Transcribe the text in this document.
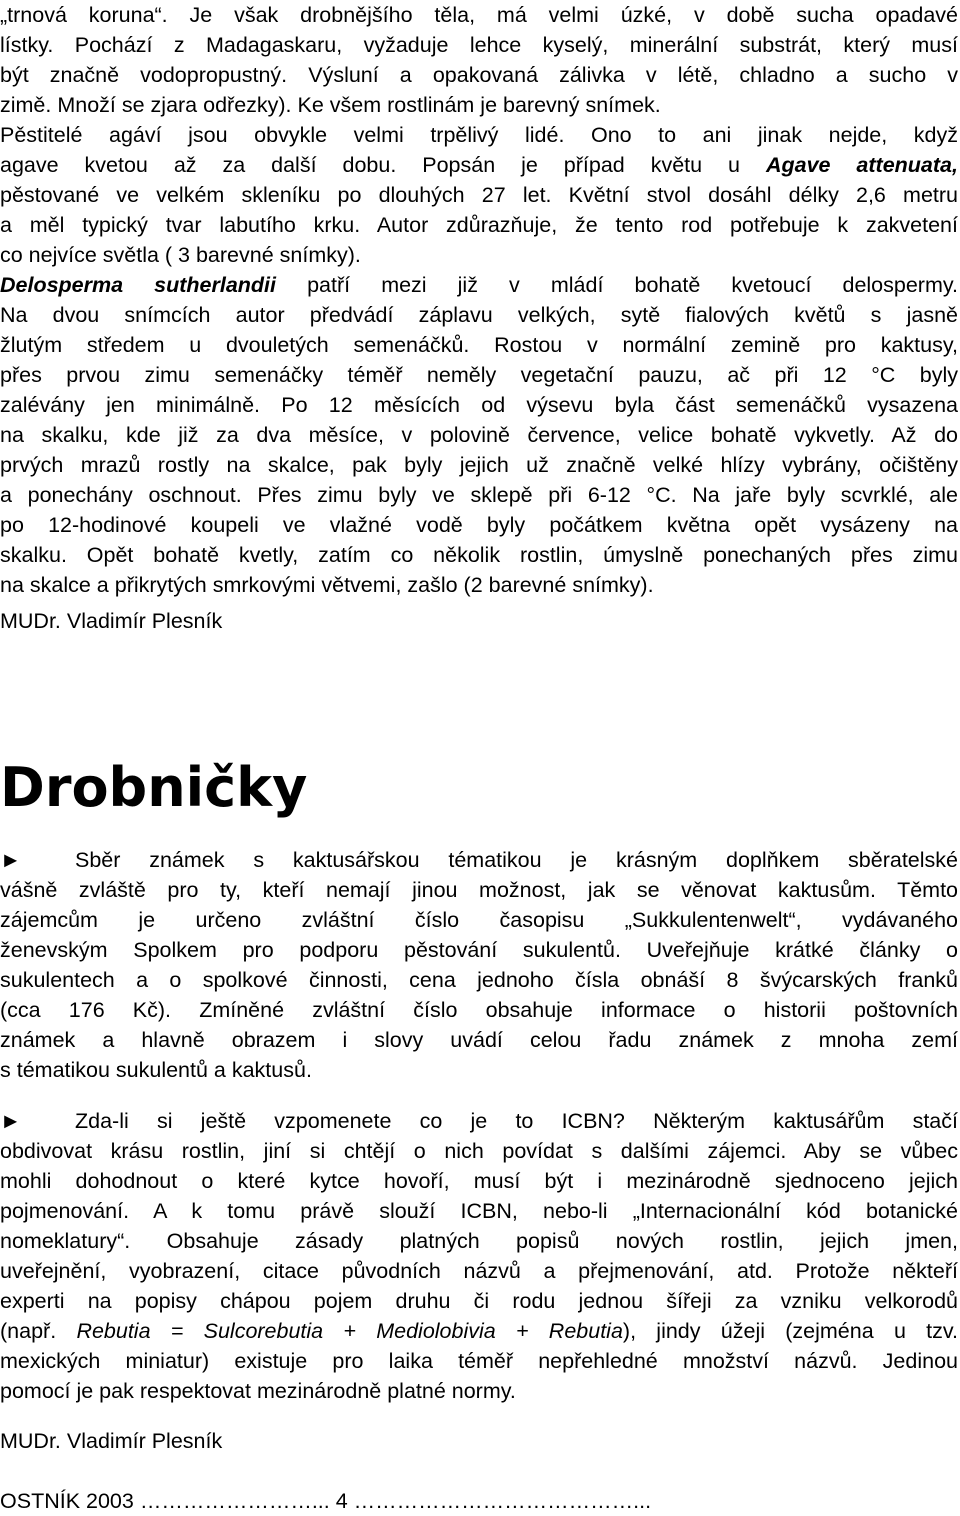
„trnová koruna“. Je však drobnějšího těla, má velmi úzké, v době sucha opadavé
lístky. Pochází z Madagaskaru, vyžaduje lehce kyselý, minerální substrát, který musí
být značně vodopropustný. Výsluní a opakovaná zálivka v létě, chladno a sucho v
zimě. Množí se zjara odřezky). Ke všem rostlinám je barevný snímek.
Pěstitelé agáví jsou obvykle velmi trpělivý lidé. Ono to ani jinak nejde, když
agave kvetou až za další dobu. Popsán je případ květu u Agave attenuata,
pěstované ve velkém skleníku po dlouhých 27 let. Květní stvol dosáhl délky 2,6 metru
a měl typický tvar labutího krku. Autor zdůrazňuje, že tento rod potřebuje k zakvetení
co nejvíce světla ( 3 barevné snímky).
Delosperma sutherlandii patří mezi již v mládí bohatě kvetoucí delospermy.
Na dvou snímcích autor předvádí záplavu velkých, sytě fialových květů s jasně
žlutým středem u dvouletých semenáčků. Rostou v normální zemině pro kaktusy,
přes prvou zimu semenáčky téměř neměly vegetační pauzu, ač při 12 °C byly
zalévány jen minimálně. Po 12 měsících od výsevu byla část semenáčků vysazena
na skalku, kde již za dva měsíce, v polovině července, velice bohatě vykvetly. Až do
prvých mrazů rostly na skalce, pak byly jejich už značně velké hlízy vybrány, očištěny
a ponechány oschnout. Přes zimu byly ve sklepě při 6-12 °C. Na jaře byly scvrklé, ale
po 12-hodinové koupeli ve vlažné vodě byly počátkem května opět vysázeny na
skalku. Opět bohatě kvetly, zatím co několik rostlin, úmyslně ponechaných přes zimu
na skalce a přikrytých smrkovými větvemi, zašlo (2 barevné snímky).
MUDr. Vladimír Plesník
Drobničky
► Sběr známek s kaktusářskou tématikou je krásným doplňkem sběratelské
vášně zvláště pro ty, kteří nemají jinou možnost, jak se věnovat kaktusům. Těmto
zájemcům je určeno zvláštní číslo časopisu „Sukkulentenwelt“, vydávaného
ženevským Spolkem pro podporu pěstování sukulentů. Uveřejňuje krátké články o
sukulentech a o spolkové činnosti, cena jednoho čísla obnáší 8 švýcarských franků
(cca 176 Kč). Zmíněné zvláštní číslo obsahuje informace o historii poštovních
známek a hlavně obrazem i slovy uvádí celou řadu známek z mnoha zemí
s tématikou sukulentů a kaktusů.
► Zda-li si ještě vzpomenete co je to ICBN? Některým kaktusářům stačí
obdivovat krásu rostlin, jiní si chtějí o nich povídat s dalšími zájemci. Aby se vůbec
mohli dohodnout o které kytce hovoří, musí být i mezinárodně sjednoceno jejich
pojmenování. A k tomu právě slouží ICBN, nebo-li „Internacionální kód botanické
nomeklatury“. Obsahuje zásady platných popisů nových rostlin, jejich jmen,
uveřejnění, vyobrazení, citace původních názvů a přejmenování, atd. Protože někteří
experti na popisy chápou pojem druhu či rodu jednou šířeji za vzniku velkorodů
(např. Rebutia = Sulcorebutia + Mediolobivia + Rebutia), jindy úžeji (zejména u tzv.
mexických miniatur) existuje pro laika téměř nepřehledné množství názvů. Jedinou
pomocí je pak respektovat mezinárodně platné normy.
MUDr. Vladimír Plesník
OSTNÍK 2003 ……………………... 4 …………………………………...
